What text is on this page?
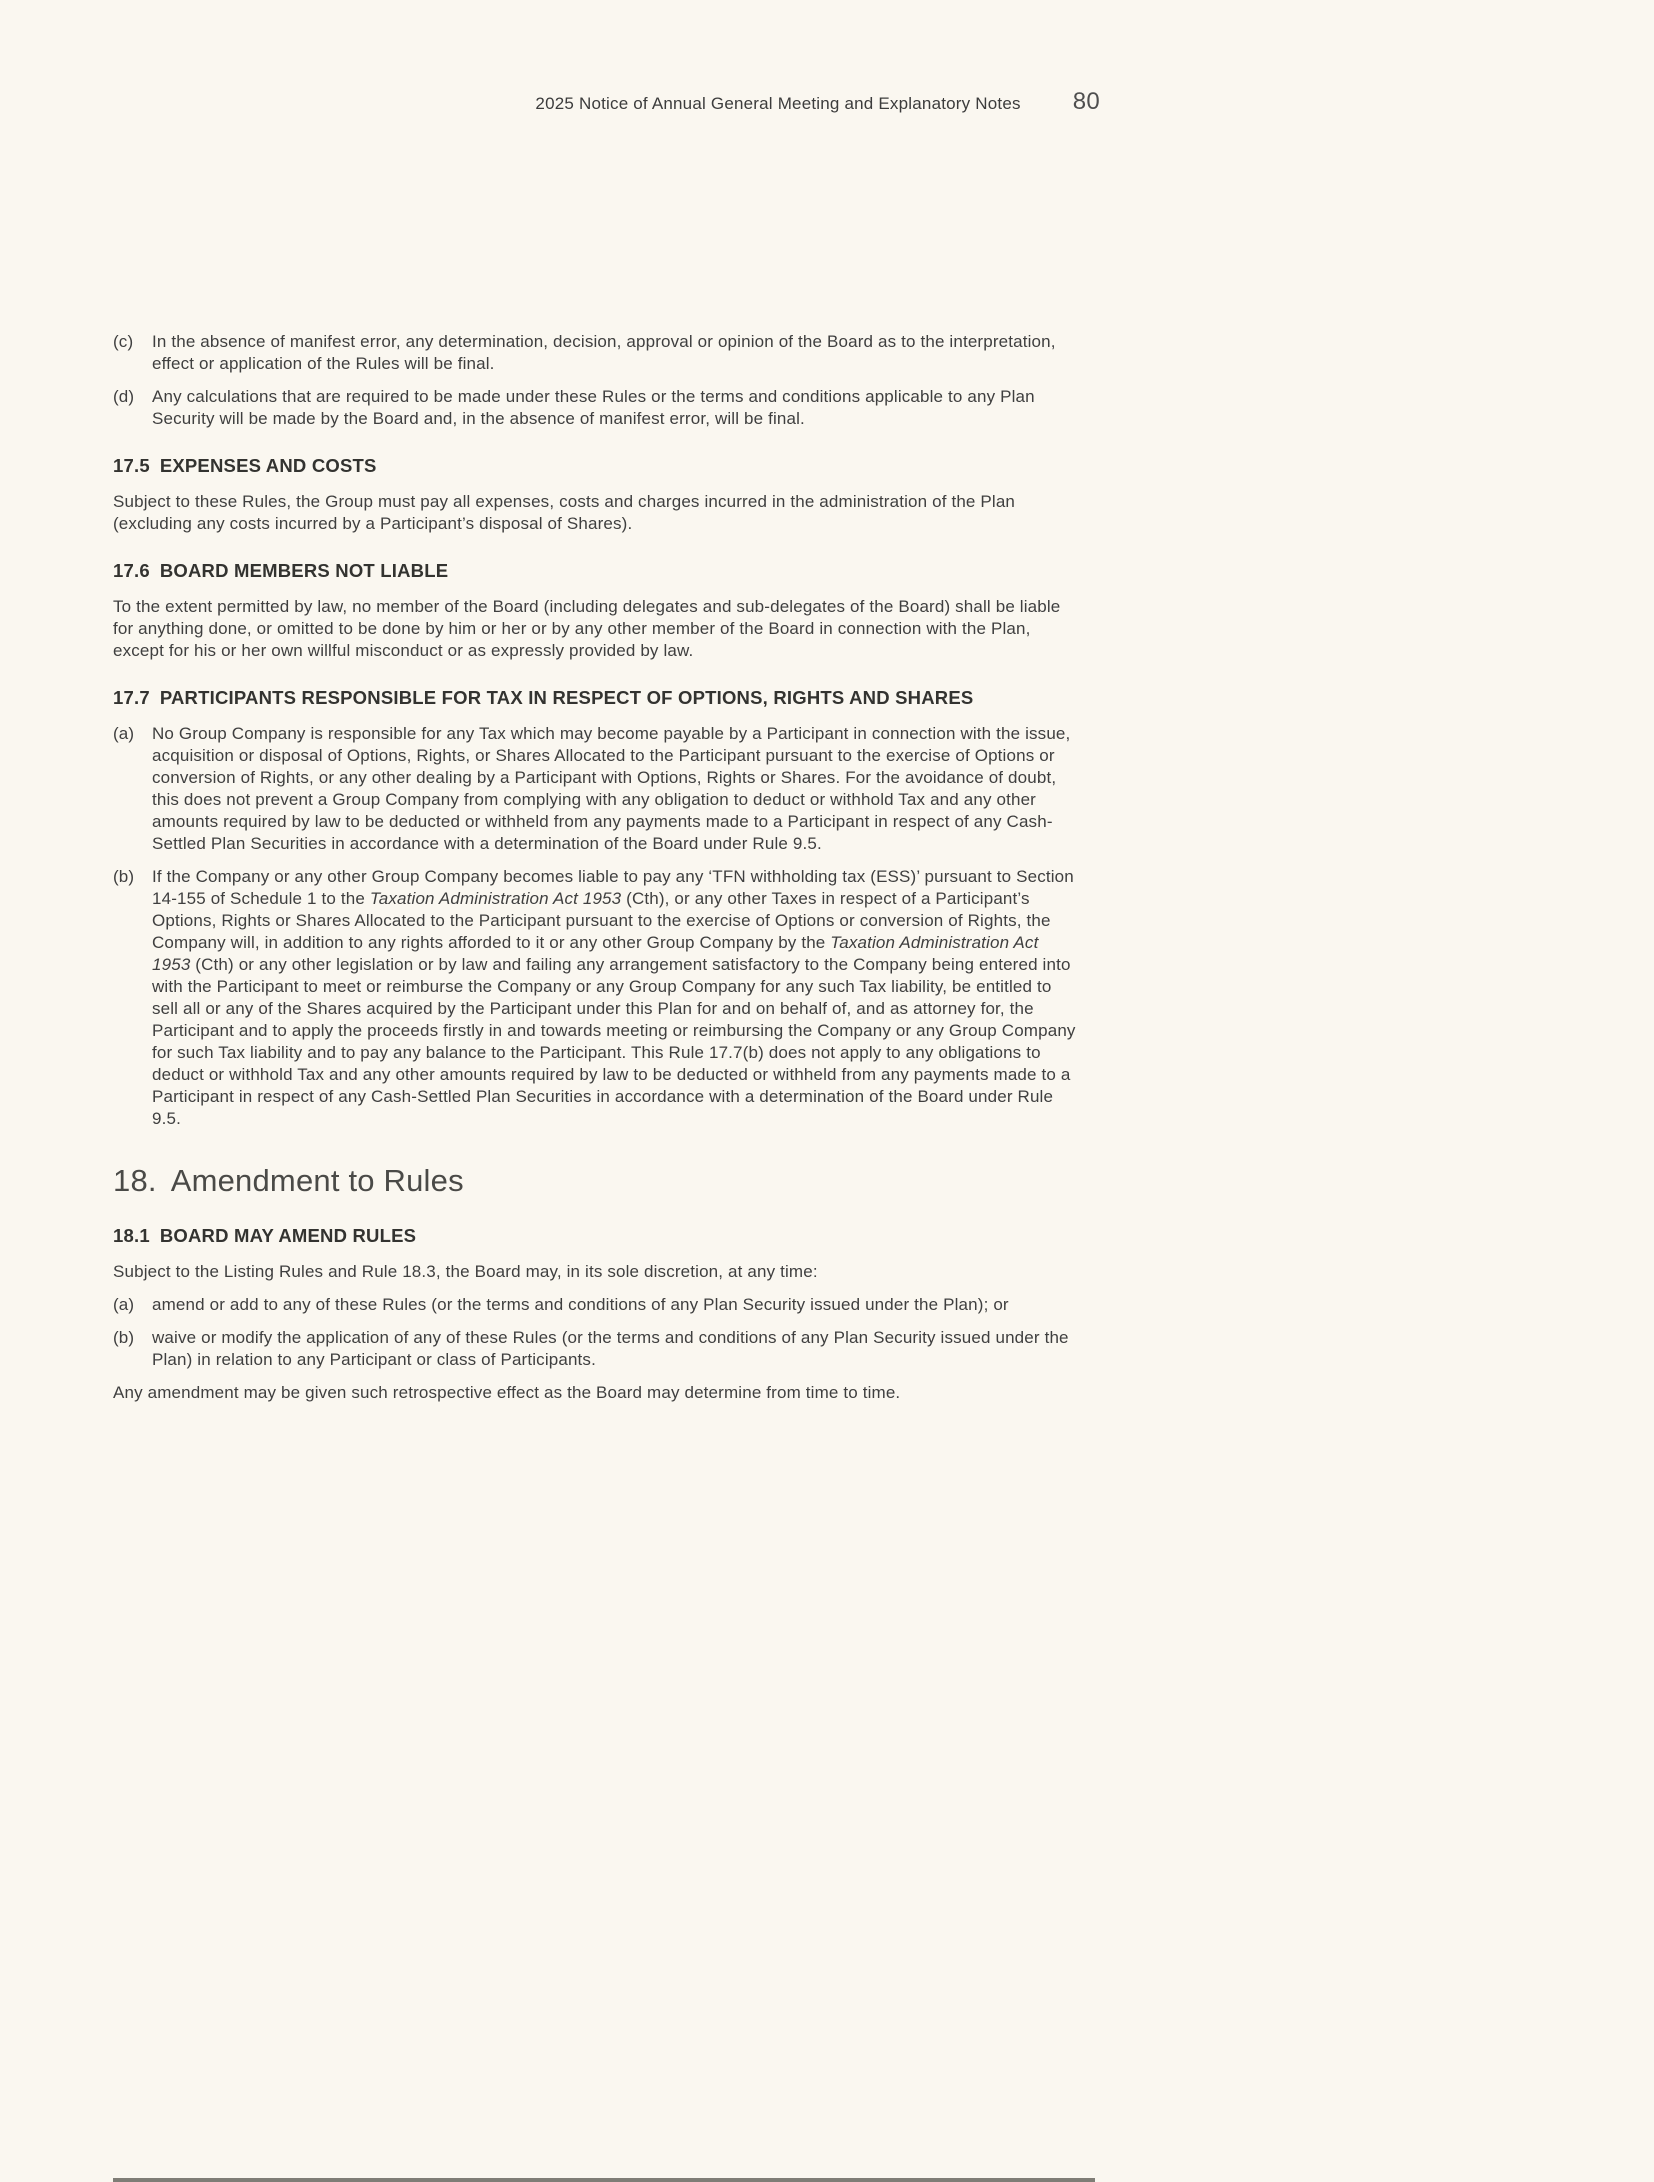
2025 Notice of Annual General Meeting and Explanatory Notes 80
(c) In the absence of manifest error, any determination, decision, approval or opinion of the Board as to the interpretation, effect or application of the Rules will be final.
(d) Any calculations that are required to be made under these Rules or the terms and conditions applicable to any Plan Security will be made by the Board and, in the absence of manifest error, will be final.
17.5 EXPENSES AND COSTS

Subject to these Rules, the Group must pay all expenses, costs and charges incurred in the administration of the Plan (excluding any costs incurred by a Participant’s disposal of Shares).

17.6 BOARD MEMBERS NOT LIABLE

To the extent permitted by law, no member of the Board (including delegates and sub-delegates of the Board) shall be liable for anything done, or omitted to be done by him or her or by any other member of the Board in connection with the Plan, except for his or her own willful misconduct or as expressly provided by law.

17.7 PARTICIPANTS RESPONSIBLE FOR TAX IN RESPECT OF OPTIONS, RIGHTS AND SHARES
(a) No Group Company is responsible for any Tax which may become payable by a Participant in connection with the issue, acquisition or disposal of Options, Rights, or Shares Allocated to the Participant pursuant to the exercise of Options or conversion of Rights, or any other dealing by a Participant with Options, Rights or Shares. For the avoidance of doubt, this does not prevent a Group Company from complying with any obligation to deduct or withhold Tax and any other amounts required by law to be deducted or withheld from any payments made to a Participant in respect of any Cash-Settled Plan Securities in accordance with a determination of the Board under Rule 9.5.
(b) If the Company or any other Group Company becomes liable to pay any ‘TFN withholding tax (ESS)’ pursuant to Section 14-155 of Schedule 1 to the Taxation Administration Act 1953 (Cth), or any other Taxes in respect of a Participant’s Options, Rights or Shares Allocated to the Participant pursuant to the exercise of Options or conversion of Rights, the Company will, in addition to any rights afforded to it or any other Group Company by the Taxation Administration Act 1953 (Cth) or any other legislation or by law and failing any arrangement satisfactory to the Company being entered into with the Participant to meet or reimburse the Company or any Group Company for any such Tax liability, be entitled to sell all or any of the Shares acquired by the Participant under this Plan for and on behalf of, and as attorney for, the Participant and to apply the proceeds firstly in and towards meeting or reimbursing the Company or any Group Company for such Tax liability and to pay any balance to the Participant. This Rule 17.7(b) does not apply to any obligations to deduct or withhold Tax and any other amounts required by law to be deducted or withheld from any payments made to a Participant in respect of any Cash-Settled Plan Securities in accordance with a determination of the Board under Rule 9.5.
18. Amendment to Rules
18.1 BOARD MAY AMEND RULES

Subject to the Listing Rules and Rule 18.3, the Board may, in its sole discretion, at any time:

(a) amend or add to any of these Rules (or the terms and conditions of any Plan Security issued under the Plan); or
(b) waive or modify the application of any of these Rules (or the terms and conditions of any Plan Security issued under the Plan) in relation to any Participant or class of Participants.

Any amendment may be given such retrospective effect as the Board may determine from time to time.
